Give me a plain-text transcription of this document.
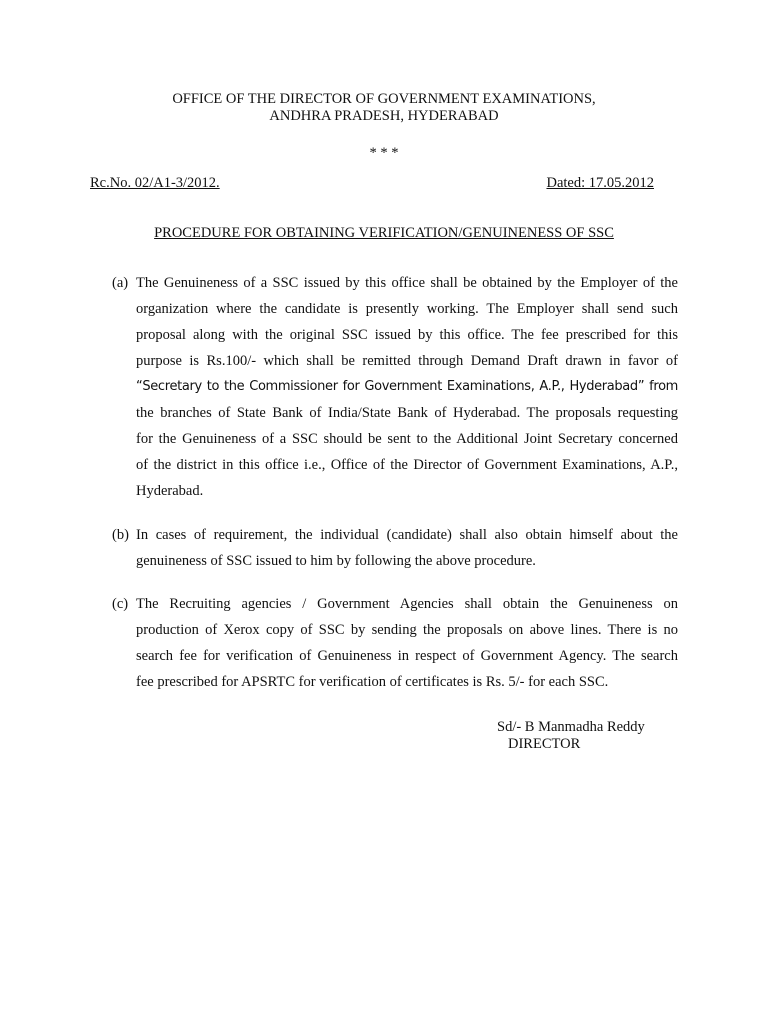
OFFICE OF THE DIRECTOR OF GOVERNMENT EXAMINATIONS,
ANDHRA PRADESH, HYDERABAD
* * *
Rc.No. 02/A1-3/2012.	Dated: 17.05.2012
PROCEDURE FOR OBTAINING VERIFICATION/GENUINENESS OF SSC
(a) The Genuineness of a SSC issued by this office shall be obtained by the Employer of the
organization where the candidate is presently working. The Employer shall send such
proposal along with the original SSC issued by this office. The fee prescribed for this
purpose is Rs.100/- which shall be remitted through Demand Draft drawn in favor of
“Secretary to the Commissioner for Government Examinations, A.P., Hyderabad” from
the branches of State Bank of India/State Bank of Hyderabad. The proposals requesting
for the Genuineness of a SSC should be sent to the Additional Joint Secretary concerned
of the district in this office i.e., Office of the Director of Government Examinations, A.P.,
Hyderabad.
(b) In cases of requirement, the individual (candidate) shall also obtain himself about the
genuineness of SSC issued to him by following the above procedure.
(c) The Recruiting agencies / Government Agencies shall obtain the Genuineness on
production of Xerox copy of SSC by sending the proposals on above lines. There is no
search fee for verification of Genuineness in respect of Government Agency. The search
fee prescribed for APSRTC for verification of certificates is Rs. 5/- for each SSC.
Sd/- B Manmadha Reddy
DIRECTOR
